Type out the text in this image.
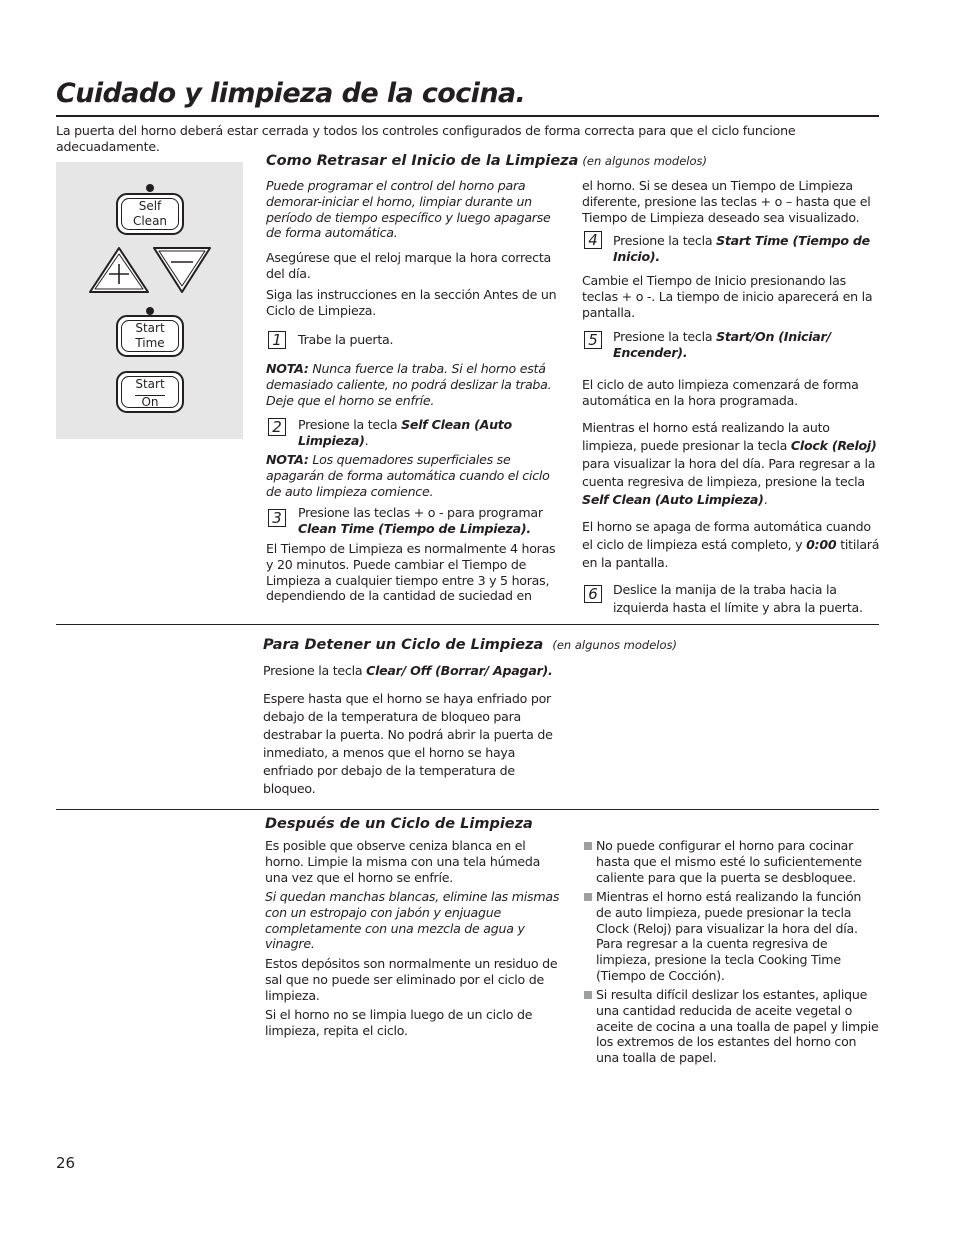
Cuidado y limpieza de la cocina.
La puerta del horno deberá estar cerrada y todos los controles configurados de forma correcta para que el ciclo funcione adecuadamente.
Self
Clean
Start
Time
Start
On
Como Retrasar el Inicio de la Limpieza (en algunos modelos)
Puede programar el control del horno para demorar-iniciar el horno, limpiar durante un período de tiempo específico y luego apagarse de forma automática.
Asegúrese que el reloj marque la hora correcta del día.
Siga las instrucciones en la sección Antes de un Ciclo de Limpieza.
1	Trabe la puerta.
NOTA: Nunca fuerce la traba. Si el horno está demasiado caliente, no podrá deslizar la traba. Deje que el horno se enfríe.
2	Presione la tecla Self Clean (Auto Limpieza).
NOTA: Los quemadores superficiales se apagarán de forma automática cuando el ciclo de auto limpieza comience.
3	Presione las teclas + o - para programar Clean Time (Tiempo de Limpieza).
El Tiempo de Limpieza es normalmente 4 horas y 20 minutos. Puede cambiar el Tiempo de Limpieza a cualquier tiempo entre 3 y 5 horas, dependiendo de la cantidad de suciedad en
el horno. Si se desea un Tiempo de Limpieza diferente, presione las teclas + o – hasta que el Tiempo de Limpieza deseado sea visualizado.
4	Presione la tecla Start Time (Tiempo de Inicio).
Cambie el Tiempo de Inicio presionando las teclas + o -. La tiempo de inicio aparecerá en la pantalla.
5	Presione la tecla Start/On (Iniciar/ Encender).
El ciclo de auto limpieza comenzará de forma automática en la hora programada.
Mientras el horno está realizando la auto limpieza, puede presionar la tecla Clock (Reloj) para visualizar la hora del día. Para regresar a la cuenta regresiva de limpieza, presione la tecla Self Clean (Auto Limpieza).
El horno se apaga de forma automática cuando el ciclo de limpieza está completo, y 0:00 titilará en la pantalla.
6	Deslice la manija de la traba hacia la izquierda hasta el límite y abra la puerta.
Para Detener un Ciclo de Limpieza (en algunos modelos)
Presione la tecla Clear/ Off (Borrar/ Apagar).
Espere hasta que el horno se haya enfriado por debajo de la temperatura de bloqueo para destrabar la puerta. No podrá abrir la puerta de inmediato, a menos que el horno se haya enfriado por debajo de la temperatura de bloqueo.
Después de un Ciclo de Limpieza
Es posible que observe ceniza blanca en el horno. Limpie la misma con una tela húmeda una vez que el horno se enfríe.
Si quedan manchas blancas, elimine las mismas con un estropajo con jabón y enjuague completamente con una mezcla de agua y vinagre.
Estos depósitos son normalmente un residuo de sal que no puede ser eliminado por el ciclo de limpieza.
Si el horno no se limpia luego de un ciclo de limpieza, repita el ciclo.
No puede configurar el horno para cocinar hasta que el mismo esté lo suficientemente caliente para que la puerta se desbloquee.
Mientras el horno está realizando la función de auto limpieza, puede presionar la tecla Clock (Reloj) para visualizar la hora del día. Para regresar a la cuenta regresiva de limpieza, presione la tecla Cooking Time (Tiempo de Cocción).
Si resulta difícil deslizar los estantes, aplique una cantidad reducida de aceite vegetal o aceite de cocina a una toalla de papel y limpie los extremos de los estantes del horno con una toalla de papel.
26
